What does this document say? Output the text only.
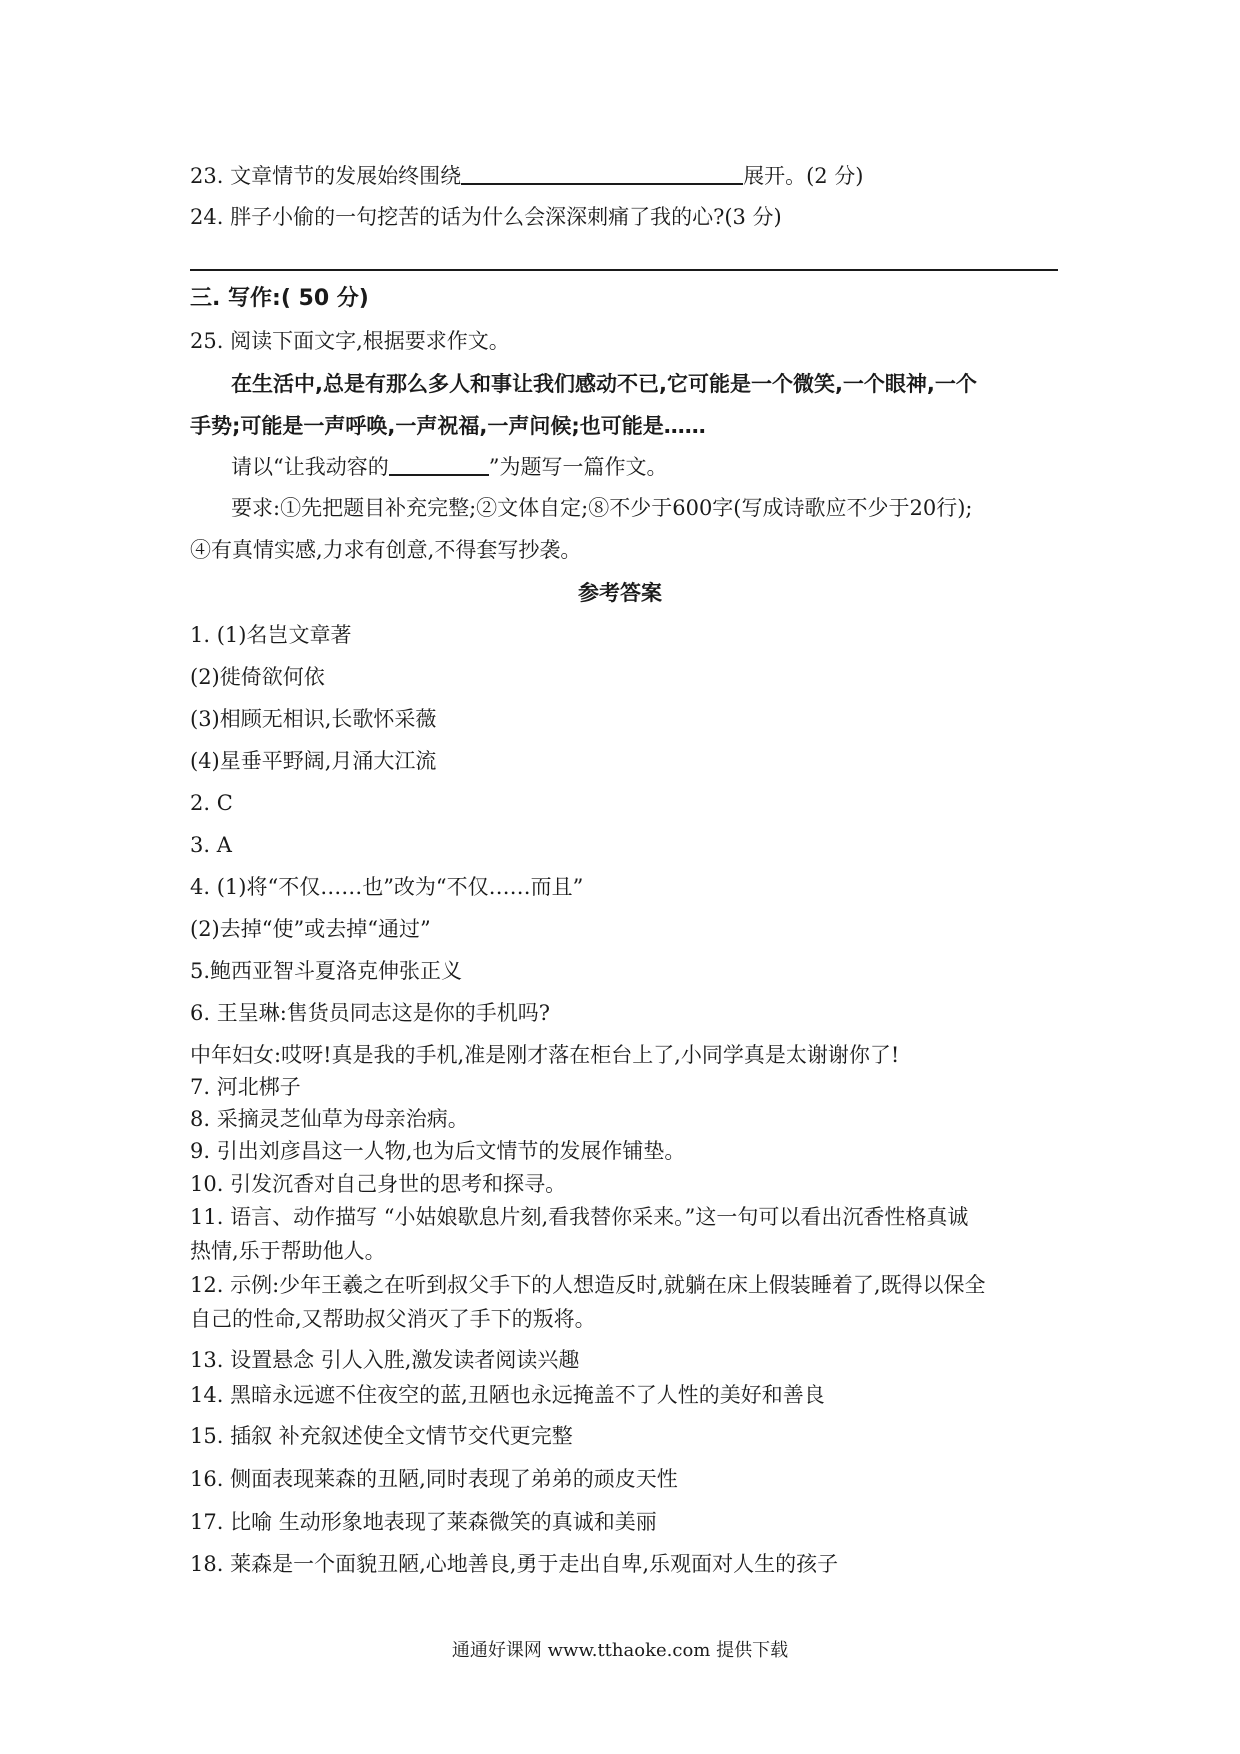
23. 文章情节的发展始终围绕	展开。(2 分)
24. 胖子小偷的一句挖苦的话为什么会深深刺痛了我的心?(3 分)
三. 写作:( 50 分)
25. 阅读下面文字,根据要求作文。
在生活中,总是有那么多人和事让我们感动不已,它可能是一个微笑,一个眼神,一个
手势;可能是一声呼唤,一声祝福,一声问候;也可能是……
请以“让我动容的	”为题写一篇作文。
要求:①先把题目补充完整;②文体自定;⑧不少于600字(写成诗歌应不少于20行);
④有真情实感,力求有创意,不得套写抄袭。
参考答案
1. (1)名岂文章著
(2)徙倚欲何依
(3)相顾无相识,长歌怀采薇
(4)星垂平野阔,月涌大江流
2. C
3. A
4. (1)将“不仅……也”改为“不仅……而且”
(2)去掉“使”或去掉“通过”
5.鲍西亚智斗夏洛克伸张正义
6. 王呈琳:售货员同志这是你的手机吗?
中年妇女:哎呀!真是我的手机,准是刚才落在柜台上了,小同学真是太谢谢你了!
7. 河北梆子
8. 采摘灵芝仙草为母亲治病。
9. 引出刘彦昌这一人物,也为后文情节的发展作铺垫。
10. 引发沉香对自己身世的思考和探寻。
11. 语言、动作描写 “小姑娘歇息片刻,看我替你采来。”这一句可以看出沉香性格真诚
热情,乐于帮助他人。
12. 示例:少年王羲之在听到叔父手下的人想造反时,就躺在床上假装睡着了,既得以保全
自己的性命,又帮助叔父消灭了手下的叛将。
13. 设置悬念 引人入胜,激发读者阅读兴趣
14. 黑暗永远遮不住夜空的蓝,丑陋也永远掩盖不了人性的美好和善良
15. 插叙 补充叙述使全文情节交代更完整
16. 侧面表现莱森的丑陋,同时表现了弟弟的顽皮天性
17. 比喻 生动形象地表现了莱森微笑的真诚和美丽
18. 莱森是一个面貌丑陋,心地善良,勇于走出自卑,乐观面对人生的孩子
通通好课网 www.tthaoke.com 提供下载
